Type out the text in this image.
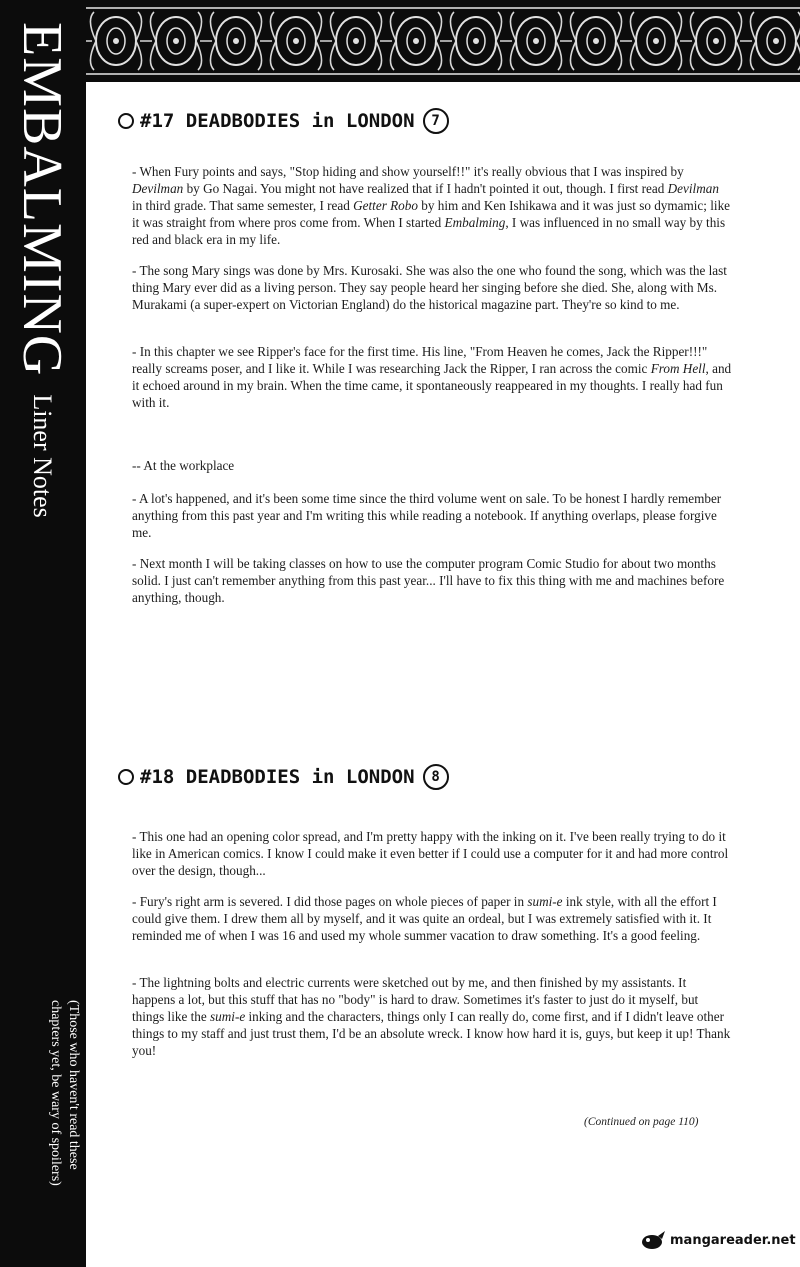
EMBALMINGLiner Notes
(Those who haven't read these
chapters yet, be wary of spoilers)
#17 DEADBODIES in LONDON	7

- When Fury points and says, "Stop hiding and show yourself!!" it's really obvious that I was inspired by Devilman by Go Nagai. You might not have realized that if I hadn't pointed it out, though. I first read Devilman in third grade. That same semester, I read Getter Robo by him and Ken Ishikawa and it was just so dymamic; like it was straight from where pros come from. When I started Embalming, I was influenced in no small way by this red and black era in my life.

- The song Mary sings was done by Mrs. Kurosaki. She was also the one who found the song, which was the last thing Mary ever did as a living person. They say people heard her singing before she died. She, along with Ms. Murakami (a super-expert on Victorian England) do the historical magazine part. They're so kind to me.

- In this chapter we see Ripper's face for the first time. His line, "From Heaven he comes, Jack the Ripper!!!" really screams poser, and I like it. While I was researching Jack the Ripper, I ran across the comic From Hell, and it echoed around in my brain. When the time came, it spontaneously reappeared in my thoughts. I really had fun with it.

-- At the workplace

- A lot's happened, and it's been some time since the third volume went on sale. To be honest I hardly remember anything from this past year and I'm writing this while reading a notebook. If anything overlaps, please forgive me.

- Next month I will be taking classes on how to use the computer program Comic Studio for about two months solid. I just can't remember anything from this past year... I'll have to fix this thing with me and machines before anything, though.

#18 DEADBODIES in LONDON	8

- This one had an opening color spread, and I'm pretty happy with the inking on it. I've been really trying to do it like in American comics. I know I could make it even better if I could use a computer for it and had more control over the design, though...

- Fury's right arm is severed. I did those pages on whole pieces of paper in sumi-e ink style, with all the effort I could give them. I drew them all by myself, and it was quite an ordeal, but I was extremely satisfied with it. It reminded me of when I was 16 and used my whole summer vacation to draw something. It's a good feeling.

- The lightning bolts and electric currents were sketched out by me, and then finished by my assistants. It happens a lot, but this stuff that has no "body" is hard to draw. Sometimes it's faster to just do it myself, but things like the sumi-e inking and the characters, things only I can really do, come first, and if I didn't leave other things to my staff and just trust them, I'd be an absolute wreck. I know how hard it is, guys, but keep it up! Thank you!

(Continued on page 110)
mangareader.net
